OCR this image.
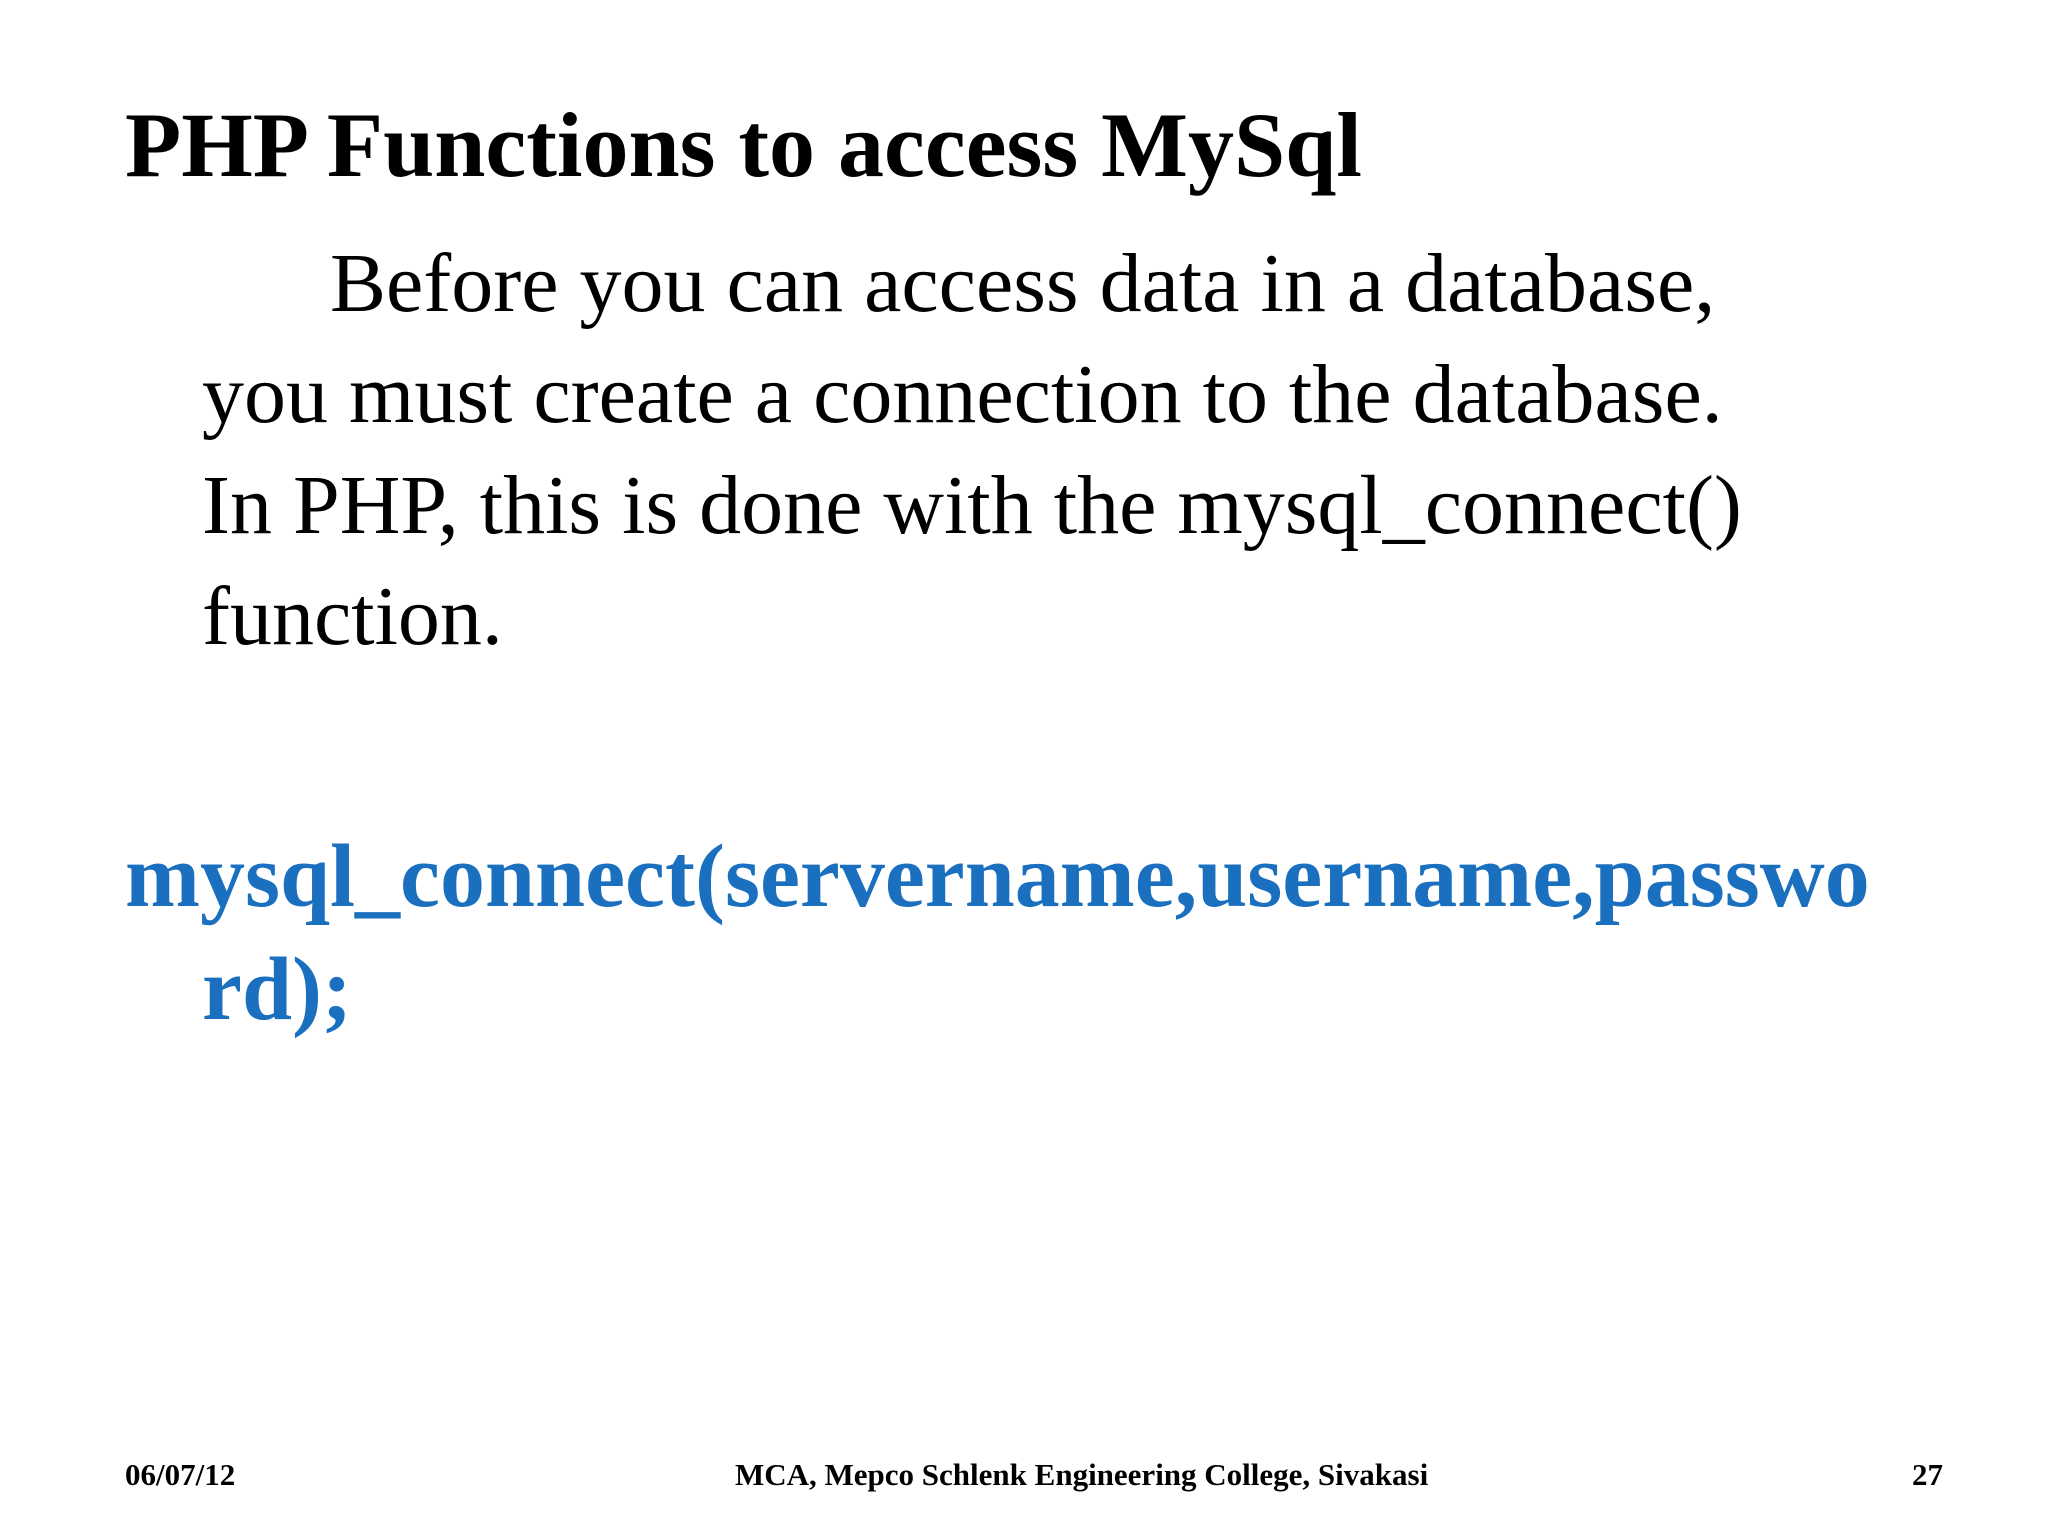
PHP Functions to access MySql
Before you can access data in a database,
you must create a connection to the database.
In PHP, this is done with the mysql_connect()
function.
mysql_connect(servername,username,passwo
rd);
06/07/12	MCA, Mepco Schlenk Engineering College, Sivakasi	27
